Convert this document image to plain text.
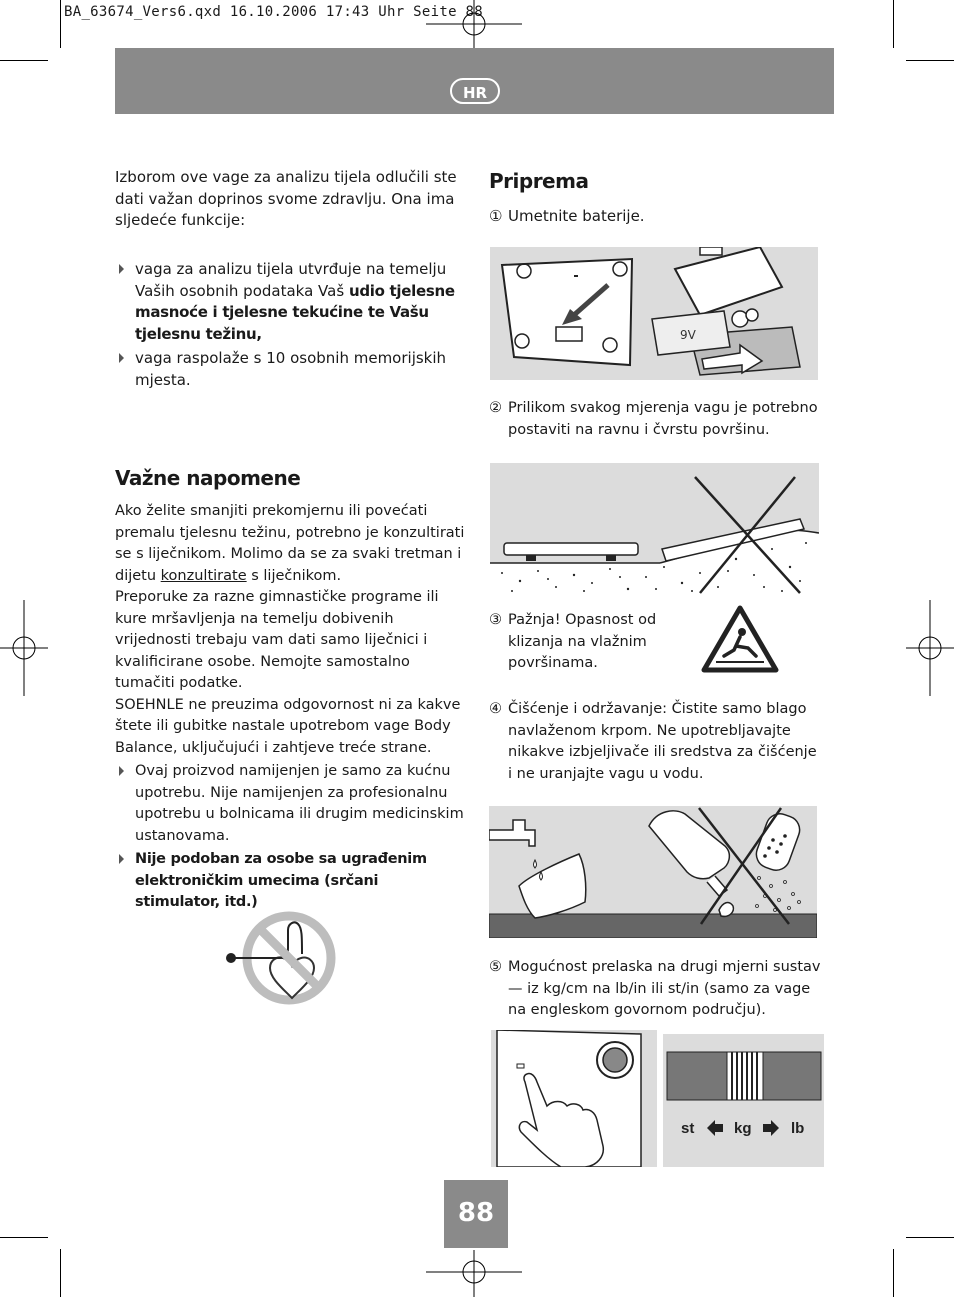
BA_63674_Vers6.qxd 16.10.2006 17:43 Uhr Seite 88
HR
Izborom ove vage za analizu tijela odlučili ste dati važan doprinos svome zdravlju. Ona ima sljedeće funkcije:
vaga za analizu tijela utvrđuje na temelju Vaših osobnih podataka Vaš udio tjelesne masnoće i tjelesne tekućine te Vašu tjelesnu težinu,
vaga raspolaže s 10 osobnih memorijskih mjesta.
Važne napomene
Ako želite smanjiti prekomjernu ili povećati premalu tjelesnu težinu, potrebno je konzultirati se s liječnikom. Molimo da se za svaki tretman i dijetu konzultirate s liječnikom.
Preporuke za razne gimnastičke programe ili kure mršavljenja na temelju dobivenih vrijednosti trebaju vam dati samo liječnici i kvalificirane osobe. Nemojte samostalno tumačiti podatke.
SOEHNLE ne preuzima odgovornost ni za kakve štete ili gubitke nastale upotrebom vage Body Balance, uključujući i zahtjeve treće strane.
Ovaj proizvod namijenjen je samo za kućnu upotrebu. Nije namijenjen za profesionalnu upotrebu u bolnicama ili drugim medicinskim ustanovama.
Nije podoban za osobe sa ugrađenim elektroničkim umecima (srčani stimulator, itd.)
Priprema
① Umetnite baterije.
9V
② Prilikom svakog mjerenja vagu je potrebno postaviti na ravnu i čvrstu površinu.
③ Pažnja! Opasnost od klizanja na vlažnim površinama.
④ Čišćenje i održavanje: Čistite samo blago navlaženom krpom. Ne upotrebljavajte nikakve izbjeljivače ili sredstva za čišćenje i ne uranjajte vagu u vodu.
⑤ Mogućnost prelaska na drugi mjerni sustav — iz kg/cm na lb/in ili st/in (samo za vage na engleskom govornom području).
st	kg	lb
88
